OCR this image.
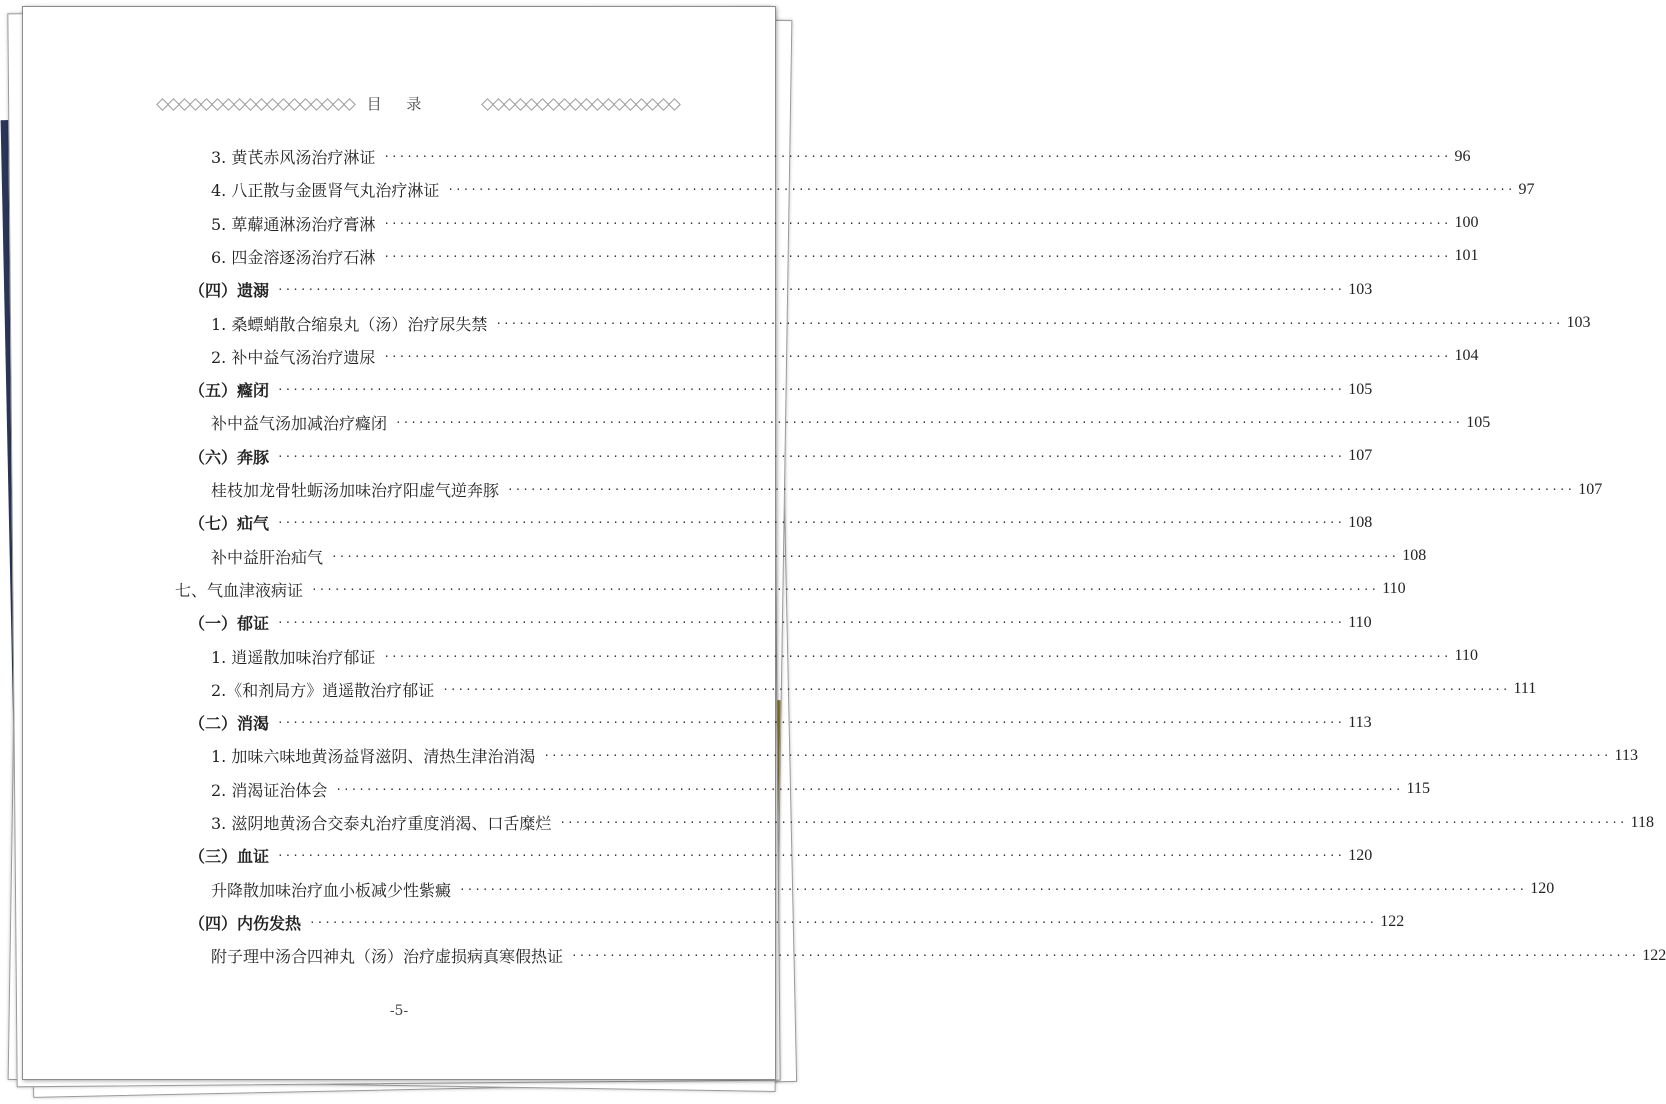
目 录
3. 黄芪赤风汤治疗淋证 ············································································································································ 96
4. 八正散与金匮肾气丸治疗淋证 ············································································································································ 97
5. 萆薢通淋汤治疗膏淋 ············································································································································ 100
6. 四金溶逐汤治疗石淋 ············································································································································ 101
（四）遗溺 ············································································································································ 103
1. 桑螵蛸散合缩泉丸（汤）治疗尿失禁 ············································································································································ 103
2. 补中益气汤治疗遗尿 ············································································································································ 104
（五）癃闭 ············································································································································ 105
补中益气汤加减治疗癃闭 ············································································································································ 105
（六）奔豚 ············································································································································ 107
桂枝加龙骨牡蛎汤加味治疗阳虚气逆奔豚 ············································································································································ 107
（七）疝气 ············································································································································ 108
补中益肝治疝气 ············································································································································ 108
七、气血津液病证 ············································································································································ 110
（一）郁证 ············································································································································ 110
1. 逍遥散加味治疗郁证 ············································································································································ 110
2.《和剂局方》逍遥散治疗郁证 ············································································································································ 111
（二）消渴 ············································································································································ 113
1. 加味六味地黄汤益肾滋阴、清热生津治消渴 ············································································································································ 113
2. 消渴证治体会 ············································································································································ 115
3. 滋阴地黄汤合交泰丸治疗重度消渴、口舌糜烂 ············································································································································ 118
（三）血证 ············································································································································ 120
升降散加味治疗血小板减少性紫癜 ············································································································································ 120
（四）内伤发热 ············································································································································ 122
附子理中汤合四神丸（汤）治疗虚损病真寒假热证 ············································································································································ 122
-5-
